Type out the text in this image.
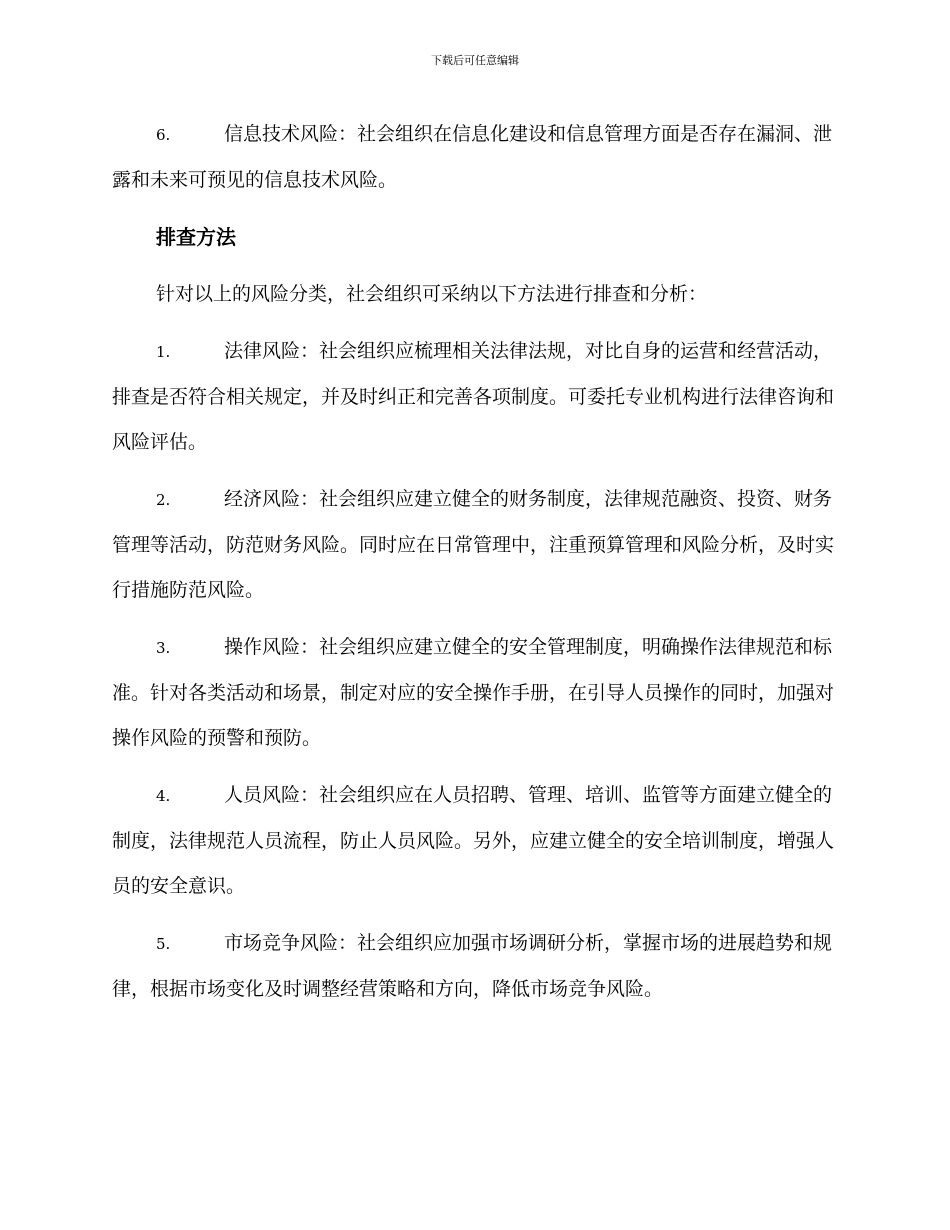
下载后可任意编辑

6.	信息技术风险：社会组织在信息化建设和信息管理方面是否存在漏洞、泄露和未来可预见的信息技术风险。

排查方法

针对以上的风险分类，社会组织可采纳以下方法进行排查和分析：

1.	法律风险：社会组织应梳理相关法律法规，对比自身的运营和经营活动，排查是否符合相关规定，并及时纠正和完善各项制度。可委托专业机构进行法律咨询和风险评估。

2.	经济风险：社会组织应建立健全的财务制度，法律规范融资、投资、财务管理等活动，防范财务风险。同时应在日常管理中，注重预算管理和风险分析，及时实行措施防范风险。

3.	操作风险：社会组织应建立健全的安全管理制度，明确操作法律规范和标准。针对各类活动和场景，制定对应的安全操作手册，在引导人员操作的同时，加强对操作风险的预警和预防。

4.	人员风险：社会组织应在人员招聘、管理、培训、监管等方面建立健全的制度，法律规范人员流程，防止人员风险。另外，应建立健全的安全培训制度，增强人员的安全意识。

5.	市场竞争风险：社会组织应加强市场调研分析，掌握市场的进展趋势和规律，根据市场变化及时调整经营策略和方向，降低市场竞争风险。
